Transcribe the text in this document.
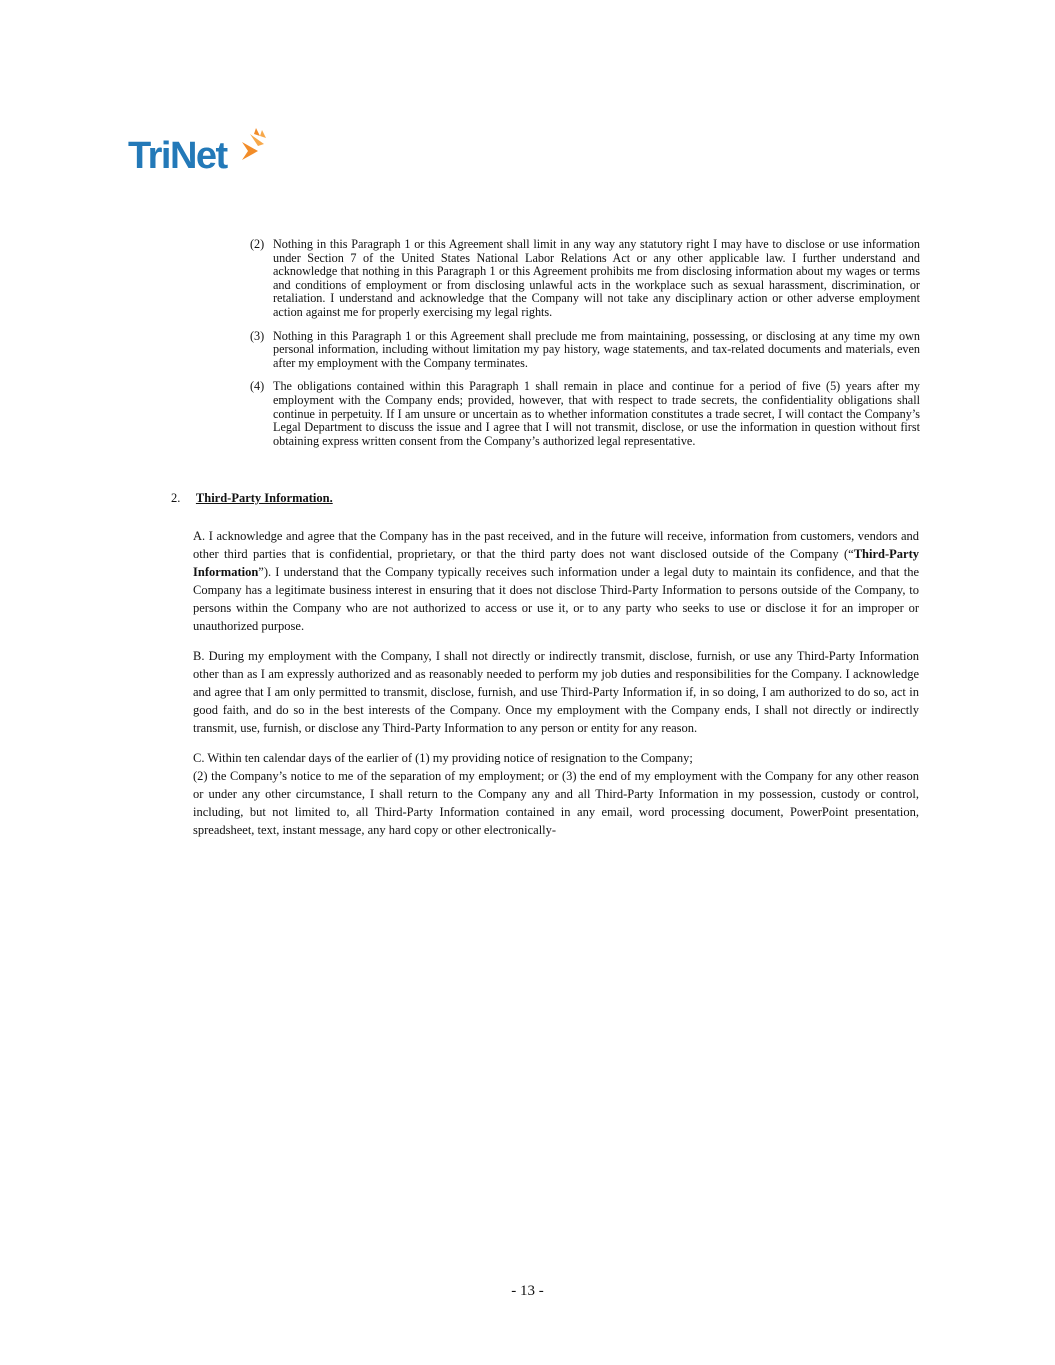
TriNet
(2) Nothing in this Paragraph 1 or this Agreement shall limit in any way any statutory right I may have to disclose or use information under Section 7 of the United States National Labor Relations Act or any other applicable law. I further understand and acknowledge that nothing in this Paragraph 1 or this Agreement prohibits me from disclosing information about my wages or terms and conditions of employment or from disclosing unlawful acts in the workplace such as sexual harassment, discrimination, or retaliation. I understand and acknowledge that the Company will not take any disciplinary action or other adverse employment action against me for properly exercising my legal rights.
(3) Nothing in this Paragraph 1 or this Agreement shall preclude me from maintaining, possessing, or disclosing at any time my own personal information, including without limitation my pay history, wage statements, and tax-related documents and materials, even after my employment with the Company terminates.
(4) The obligations contained within this Paragraph 1 shall remain in place and continue for a period of five (5) years after my employment with the Company ends; provided, however, that with respect to trade secrets, the confidentiality obligations shall continue in perpetuity. If I am unsure or uncertain as to whether information constitutes a trade secret, I will contact the Company’s Legal Department to discuss the issue and I agree that I will not transmit, disclose, or use the information in question without first obtaining express written consent from the Company’s authorized legal representative.
2. Third-Party Information.

A. I acknowledge and agree that the Company has in the past received, and in the future will receive, information from customers, vendors and other third parties that is confidential, proprietary, or that the third party does not want disclosed outside of the Company (“Third-Party Information”). I understand that the Company typically receives such information under a legal duty to maintain its confidence, and that the Company has a legitimate business interest in ensuring that it does not disclose Third-Party Information to persons outside of the Company, to persons within the Company who are not authorized to access or use it, or to any party who seeks to use or disclose it for an improper or unauthorized purpose.

B. During my employment with the Company, I shall not directly or indirectly transmit, disclose, furnish, or use any Third-Party Information other than as I am expressly authorized and as reasonably needed to perform my job duties and responsibilities for the Company. I acknowledge and agree that I am only permitted to transmit, disclose, furnish, and use Third-Party Information if, in so doing, I am authorized to do so, act in good faith, and do so in the best interests of the Company. Once my employment with the Company ends, I shall not directly or indirectly transmit, use, furnish, or disclose any Third-Party Information to any person or entity for any reason.

C. Within ten calendar days of the earlier of (1) my providing notice of resignation to the Company;
(2) the Company’s notice to me of the separation of my employment; or (3) the end of my employment with the Company for any other reason or under any other circumstance, I shall return to the Company any and all Third-Party Information in my possession, custody or control, including, but not limited to, all Third-Party Information contained in any email, word processing document, PowerPoint presentation, spreadsheet, text, instant message, any hard copy or other electronically-

- 13 -
